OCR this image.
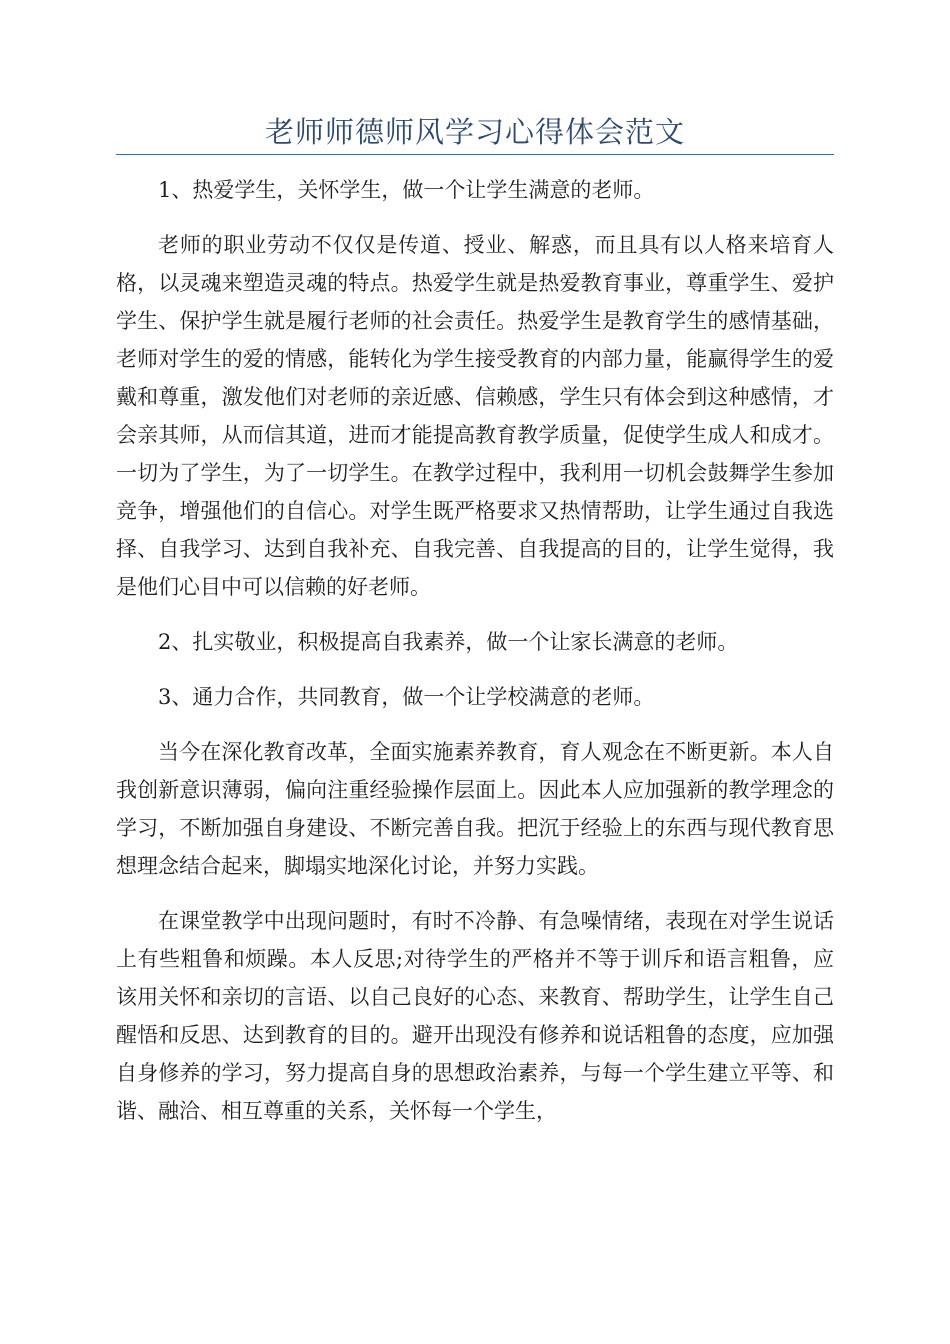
老师师德师风学习心得体会范文

1、热爱学生，关怀学生，做一个让学生满意的老师。

老师的职业劳动不仅仅是传道、授业、解惑，而且具有以人格来培育人格，以灵魂来塑造灵魂的特点。热爱学生就是热爱教育事业，尊重学生、爱护学生、保护学生就是履行老师的社会责任。热爱学生是教育学生的感情基础，老师对学生的爱的情感，能转化为学生接受教育的内部力量，能赢得学生的爱戴和尊重，激发他们对老师的亲近感、信赖感，学生只有体会到这种感情，才会亲其师，从而信其道，进而才能提高教育教学质量，促使学生成人和成才。一切为了学生，为了一切学生。在教学过程中，我利用一切机会鼓舞学生参加竞争，增强他们的自信心。对学生既严格要求又热情帮助，让学生通过自我选择、自我学习、达到自我补充、自我完善、自我提高的目的，让学生觉得，我是他们心目中可以信赖的好老师。

2、扎实敬业，积极提高自我素养，做一个让家长满意的老师。

3、通力合作，共同教育，做一个让学校满意的老师。

当今在深化教育改革，全面实施素养教育，育人观念在不断更新。本人自我创新意识薄弱，偏向注重经验操作层面上。因此本人应加强新的教学理念的学习，不断加强自身建设、不断完善自我。把沉于经验上的东西与现代教育思想理念结合起来，脚塌实地深化讨论，并努力实践。

在课堂教学中出现问题时，有时不冷静、有急噪情绪，表现在对学生说话上有些粗鲁和烦躁。本人反思;对待学生的严格并不等于训斥和语言粗鲁，应该用关怀和亲切的言语、以自己良好的心态、来教育、帮助学生，让学生自己醒悟和反思、达到教育的目的。避开出现没有修养和说话粗鲁的态度，应加强自身修养的学习，努力提高自身的思想政治素养，与每一个学生建立平等、和谐、融洽、相互尊重的关系，关怀每一个学生，
